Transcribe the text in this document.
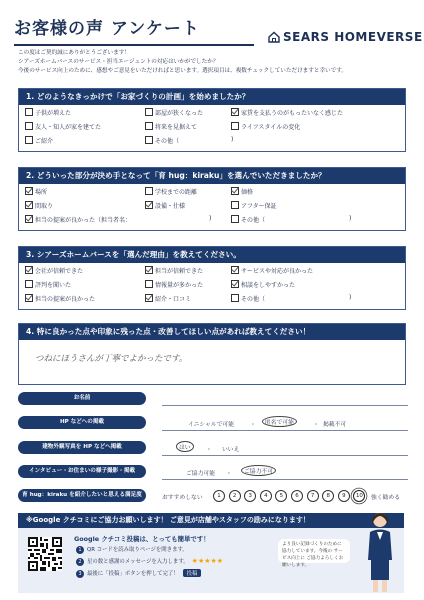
お客様の声 アンケート	SEARS HOMEVERSE
この度はご契約誠にありがとうございます！
シアーズホームバースのサービス・担当エージェントの対応はいかがでしたか？
今後のサービス向上のために、感想やご意見をいただければと思います。選択項目は、複数チェックしていただけますと幸いです。
1. どのようなきっかけで「お家づくりの計画」を始めましたか？
子供が増えた	部屋が狭くなった	家賃を支払うのがもったいなく感じた
友人・知人が家を建てた	将来を見据えて	ライフスタイルの変化
ご紹介	その他（	)
2. どういった部分が決め手となって「育 hug：kiraku」を選んでいただきましたか？
場所	学校までの距離	価格
間取り	設備・仕様	アフター保証
担当の提案が良かった（担当者名：	)	その他（	)
3. シアーズホームバースを「選んだ理由」を教えてください。
会社が信頼できた	担当が信頼できた	サービスや対応が良かった
評判を聞いた	情報量が多かった	相談をしやすかった
担当の提案が良かった	紹介・口コミ	その他（	)
4. 特に良かった点や印象に残った点・改善してほしい点があれば教えてください！
つねにほうさんが丁寧でよかったです。
お名前
HP などへの掲載	イニシャルで可能	・	匿名で可能	・ 掲載不可
建物外観写真を HP などへ掲載	はい	・ いいえ
インタビュー・お住まいの様子撮影・掲載	ご協力可能 ・	ご協力不可
育 hug：kiraku を紹介したいと思える満足度	おすすめしない	1	2	3	4	5	6	7	8	9	10	強く勧める
※Google クチコミにご協力お願いします！ ご意見が店舗やスタッフの励みになります！
Google クチコミ投稿は、とっても簡単です！
1 QR コードを読み取りページを開きます。
2 星の数と感謝のメッセージを入力します。 ★★★★★
3 最後に「投稿」ボタンを押して完了！ 投稿
より良い記録づくりのために 協力しています。今後の サービス向上に ご協力よろしくお願いします。
